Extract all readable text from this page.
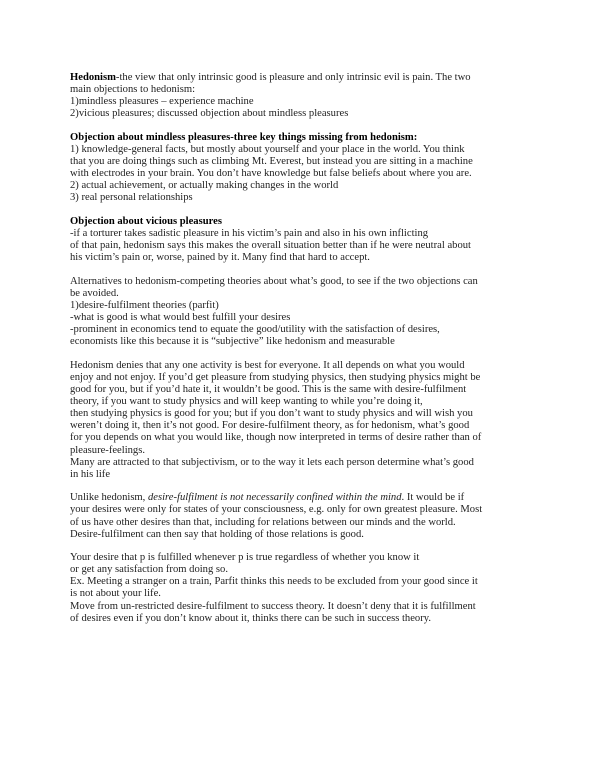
Hedonism-the view that only intrinsic good is pleasure and only intrinsic evil is pain. The two
main objections to hedonism:
1)mindless pleasures – experience machine
2)vicious pleasures; discussed objection about mindless pleasures
Objection about mindless pleasures-three key things missing from hedonism:
1) knowledge-general facts, but mostly about yourself and your place in the world. You think
that you are doing things such as climbing Mt. Everest, but instead you are sitting in a machine
with electrodes in your brain. You don’t have knowledge but false beliefs about where you are.
2) actual achievement, or actually making changes in the world
3) real personal relationships
Objection about vicious pleasures
-if a torturer takes sadistic pleasure in his victim’s pain and also in his own inflicting
of that pain, hedonism says this makes the overall situation better than if he were neutral about
his victim’s pain or, worse, pained by it. Many find that hard to accept.
Alternatives to hedonism-competing theories about what’s good, to see if the two objections can
be avoided.
1)desire-fulfilment theories (parfit)
-what is good is what would best fulfill your desires
-prominent in economics tend to equate the good/utility with the satisfaction of desires,
economists like this because it is “subjective” like hedonism and measurable
Hedonism denies that any one activity is best for everyone. It all depends on what you would
enjoy and not enjoy. If you’d get pleasure from studying physics, then studying physics might be
good for you, but if you’d hate it, it wouldn’t be good. This is the same with desire-fulfilment
theory, if you want to study physics and will keep wanting to while you’re doing it,
then studying physics is good for you; but if you don’t want to study physics and will wish you
weren’t doing it, then it’s not good. For desire-fulfilment theory, as for hedonism, what’s good
for you depends on what you would like, though now interpreted in terms of desire rather than of
pleasure-feelings.
Many are attracted to that subjectivism, or to the way it lets each person determine what’s good
in his life
Unlike hedonism, desire-fulfilment is not necessarily confined within the mind. It would be if
your desires were only for states of your consciousness, e.g. only for own greatest pleasure. Most
of us have other desires than that, including for relations between our minds and the world.
Desire-fulfilment can then say that holding of those relations is good.
Your desire that p is fulfilled whenever p is true regardless of whether you know it
or get any satisfaction from doing so.
Ex. Meeting a stranger on a train, Parfit thinks this needs to be excluded from your good since it
is not about your life.
Move from un-restricted desire-fulfilment to success theory. It doesn’t deny that it is fulfillment
of desires even if you don’t know about it, thinks there can be such in success theory.
